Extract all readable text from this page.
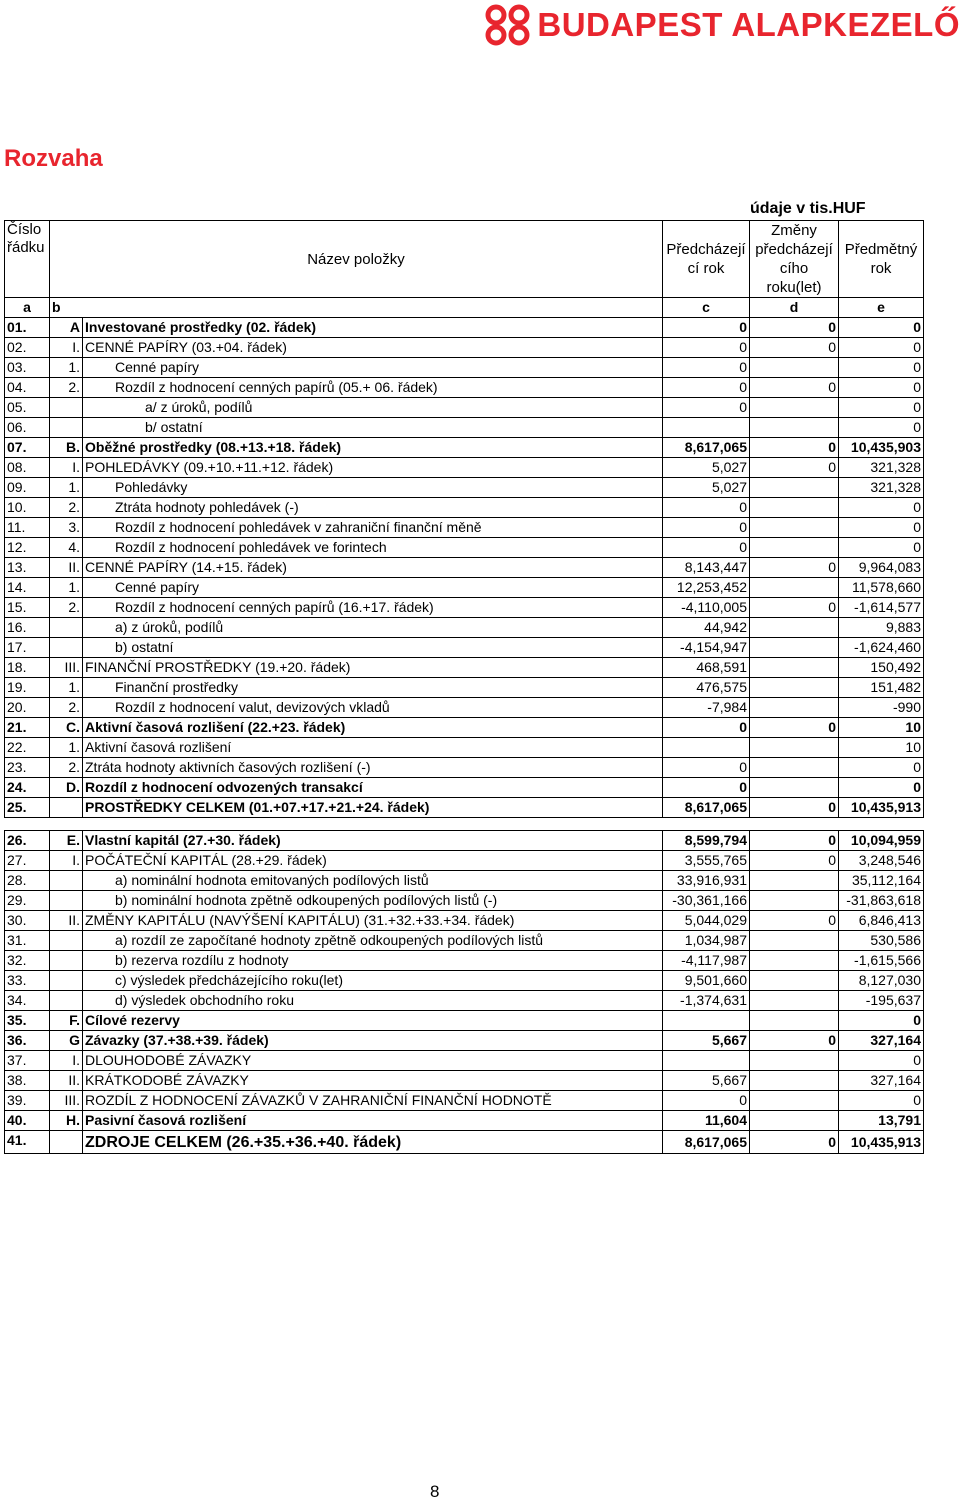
BUDAPEST ALAPKEZELŐ
Rozvaha
údaje v tis.HUF
Číslo řádku	Název položky		Předcházejí cí rok	Změny předcházejí cího roku(let)	Předmětný rok
a	b		c	d	e
01.	A	Investované prostředky (02. řádek)	0	0	0
02.	I.	CENNÉ PAPÍRY (03.+04. řádek)	0	0	0
03.	1.	Cenné papíry	0		0
04.	2.	Rozdíl z hodnocení cenných papírů (05.+ 06. řádek)	0	0	0
05.		a/ z úroků, podílů	0		0
06.		b/ ostatní			0
07.	B.	Oběžné prostředky (08.+13.+18. řádek)	8,617,065	0	10,435,903
08.	I.	POHLEDÁVKY (09.+10.+11.+12. řádek)	5,027	0	321,328
09.	1.	Pohledávky	5,027		321,328
10.	2.	Ztráta hodnoty pohledávek (-)	0		0
11.	3.	Rozdíl z hodnocení pohledávek v zahraniční finanční měně	0		0
12.	4.	Rozdíl z hodnocení pohledávek ve forintech	0		0
13.	II.	CENNÉ PAPÍRY (14.+15. řádek)	8,143,447	0	9,964,083
14.	1.	Cenné papíry	12,253,452		11,578,660
15.	2.	Rozdíl z hodnocení cenných papírů (16.+17. řádek)	-4,110,005	0	-1,614,577
16.		a) z úroků, podílů	44,942		9,883
17.		b) ostatní	-4,154,947		-1,624,460
18.	III.	FINANČNÍ PROSTŘEDKY (19.+20. řádek)	468,591		150,492
19.	1.	Finanční prostředky	476,575		151,482
20.	2.	Rozdíl z hodnocení valut, devizových vkladů	-7,984		-990
21.	C.	Aktivní časová rozlišení (22.+23. řádek)	0	0	10
22.	1.	Aktivní časová rozlišení			10
23.	2.	Ztráta hodnoty aktivních časových rozlišení (-)	0		0
24.	D.	Rozdíl z hodnocení odvozených transakcí	0		0
25.		PROSTŘEDKY CELKEM (01.+07.+17.+21.+24. řádek)	8,617,065	0	10,435,913

26.	E.	Vlastní kapitál (27.+30. řádek)	8,599,794	0	10,094,959
27.	I.	POČÁTEČNÍ KAPITÁL (28.+29. řádek)	3,555,765	0	3,248,546
28.		a) nominální hodnota emitovaných podílových listů	33,916,931		35,112,164
29.		b) nominální hodnota zpětně odkoupených podílových listů (-)	-30,361,166		-31,863,618
30.	II.	ZMĚNY KAPITÁLU (NAVÝŠENÍ KAPITÁLU) (31.+32.+33.+34. řádek)	5,044,029	0	6,846,413
31.		a) rozdíl ze započítané hodnoty zpětně odkoupených podílových listů	1,034,987		530,586
32.		b) rezerva rozdílu z hodnoty	-4,117,987		-1,615,566
33.		c) výsledek předcházejícího roku(let)	9,501,660		8,127,030
34.		d) výsledek obchodního roku	-1,374,631		-195,637
35.	F.	Cílové rezervy			0
36.	G	Závazky (37.+38.+39. řádek)	5,667	0	327,164
37.	I.	DLOUHODOBÉ ZÁVAZKY			0
38.	II.	KRÁTKODOBÉ ZÁVAZKY	5,667		327,164
39.	III.	ROZDÍL Z HODNOCENÍ ZÁVAZKŮ V ZAHRANIČNÍ FINANČNÍ HODNOTĚ	0		0
40.	H.	Pasivní časová rozlišení	11,604		13,791
41.		ZDROJE CELKEM (26.+35.+36.+40. řádek)	8,617,065	0	10,435,913
8
